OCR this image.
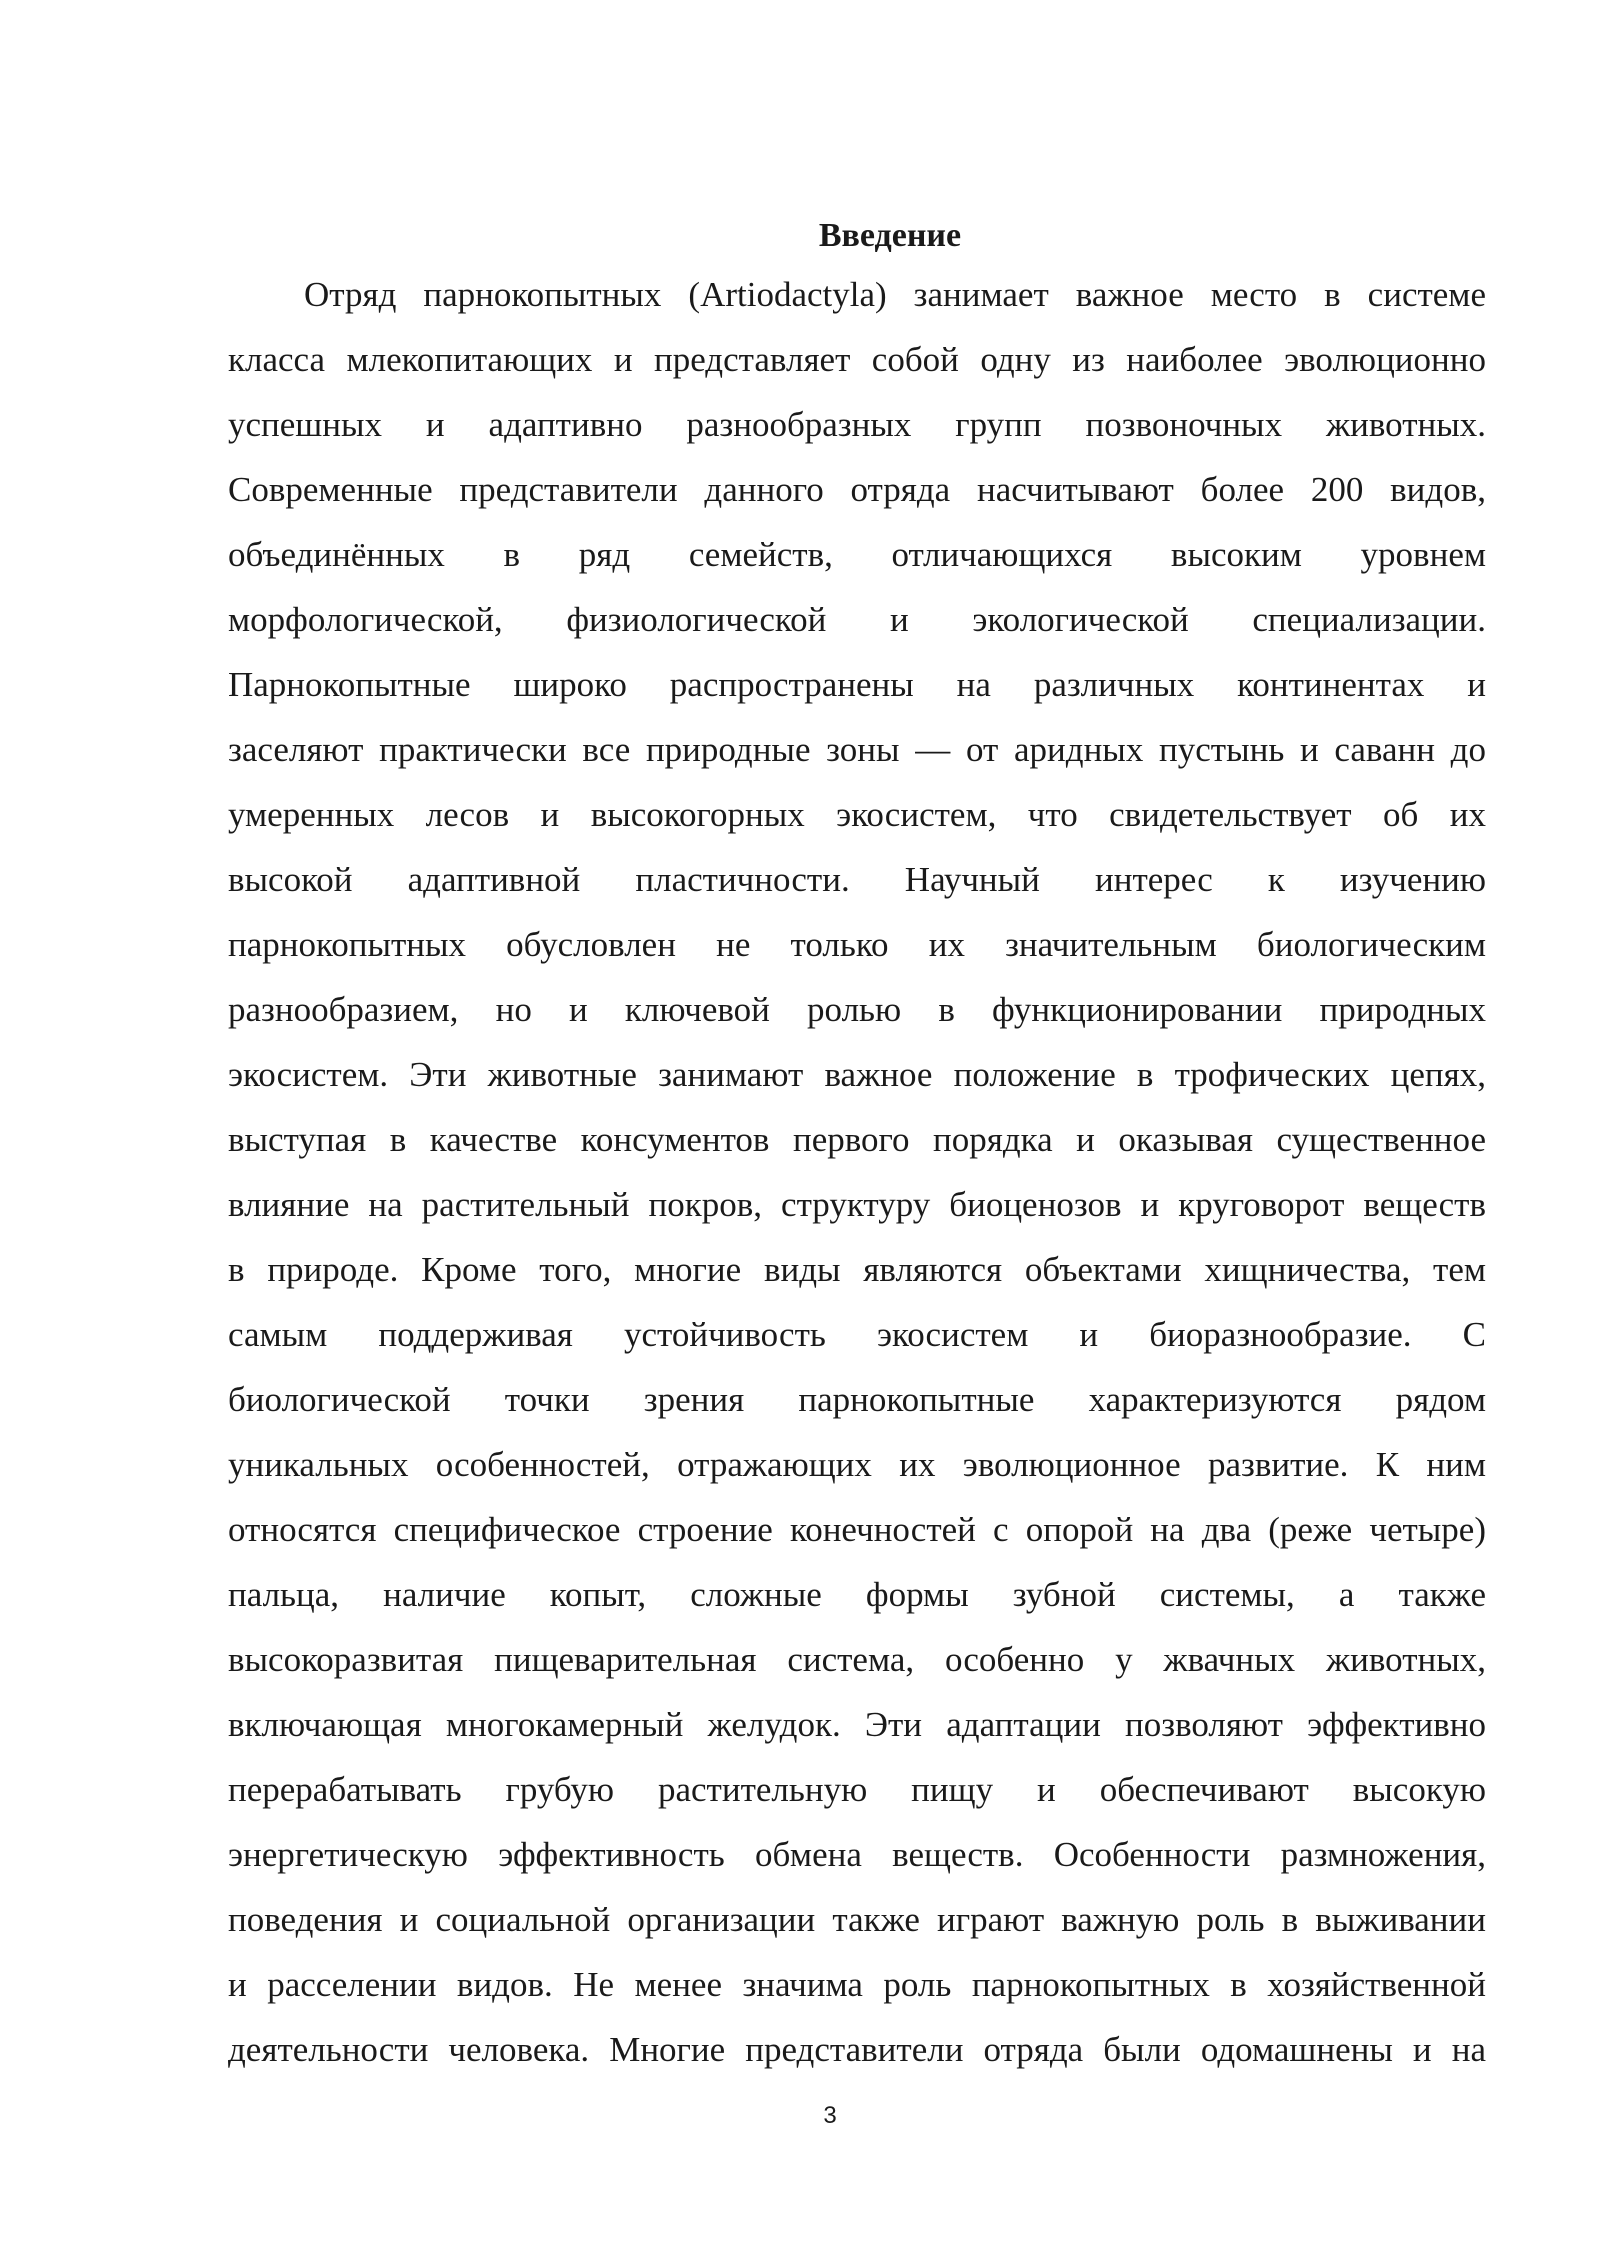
Введение
Отряд парнокопытных (Artiodactyla) занимает важное место в системе
класса млекопитающих и представляет собой одну из наиболее эволюционно
успешных и адаптивно разнообразных групп позвоночных животных.
Современные представители данного отряда насчитывают более 200 видов,
объединённых в ряд семейств, отличающихся высоким уровнем
морфологической, физиологической и экологической специализации.
Парнокопытные широко распространены на различных континентах и
заселяют практически все природные зоны — от аридных пустынь и саванн до
умеренных лесов и высокогорных экосистем, что свидетельствует об их
высокой адаптивной пластичности. Научный интерес к изучению
парнокопытных обусловлен не только их значительным биологическим
разнообразием, но и ключевой ролью в функционировании природных
экосистем. Эти животные занимают важное положение в трофических цепях,
выступая в качестве консументов первого порядка и оказывая существенное
влияние на растительный покров, структуру биоценозов и круговорот веществ
в природе. Кроме того, многие виды являются объектами хищничества, тем
самым поддерживая устойчивость экосистем и биоразнообразие. С
биологической точки зрения парнокопытные характеризуются рядом
уникальных особенностей, отражающих их эволюционное развитие. К ним
относятся специфическое строение конечностей с опорой на два (реже четыре)
пальца, наличие копыт, сложные формы зубной системы, а также
высокоразвитая пищеварительная система, особенно у жвачных животных,
включающая многокамерный желудок. Эти адаптации позволяют эффективно
перерабатывать грубую растительную пищу и обеспечивают высокую
энергетическую эффективность обмена веществ. Особенности размножения,
поведения и социальной организации также играют важную роль в выживании
и расселении видов. Не менее значима роль парнокопытных в хозяйственной
деятельности человека. Многие представители отряда были одомашнены и на
3
